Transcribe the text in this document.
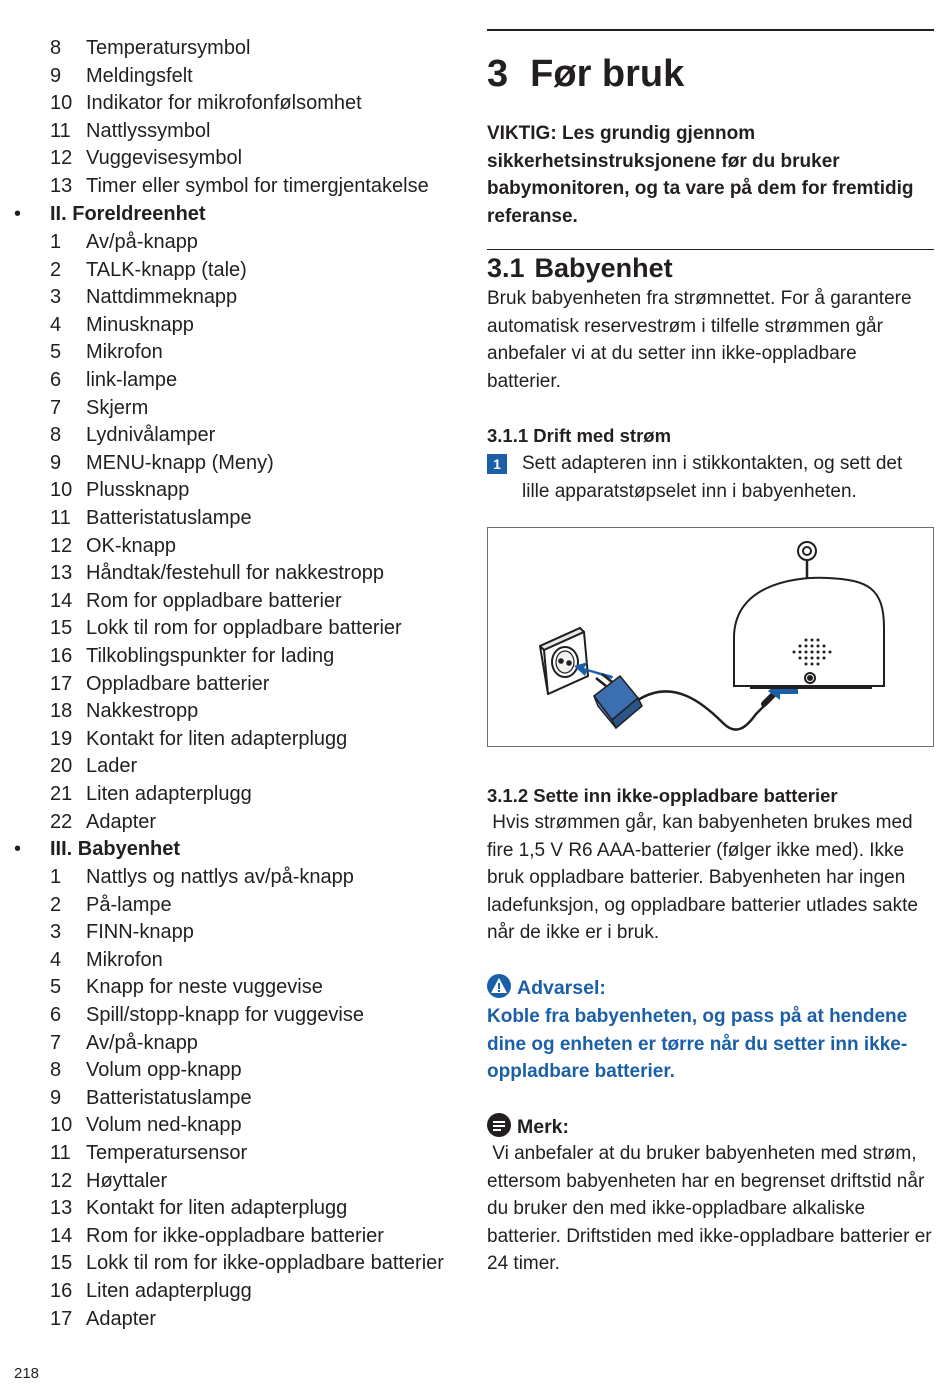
8	Temperatursymbol
9	Meldingsfelt
10 Indikator for mikrofonfølsomhet
11 Nattlyssymbol
12 Vuggevisesymbol
13 Timer eller symbol for timergjentakelse
• II. Foreldreenhet
1	Av/på-knapp
2	TALK-knapp (tale)
3	Nattdimmeknapp
4	Minusknapp
5	Mikrofon
6	link-lampe
7	Skjerm
8	Lydnivålamper
9	MENU-knapp (Meny)
10 Plussknapp
11 Batteristatuslampe
12 OK-knapp
13 Håndtak/festehull for nakkestropp
14 Rom for oppladbare batterier
15 Lokk til rom for oppladbare batterier
16 Tilkoblingspunkter for lading
17 Oppladbare batterier
18 Nakkestropp
19 Kontakt for liten adapterplugg
20 Lader
21 Liten adapterplugg
22 Adapter
• III. Babyenhet
1	Nattlys og nattlys av/på-knapp
2	På-lampe
3	FINN-knapp
4	Mikrofon
5	Knapp for neste vuggevise
6	Spill/stopp-knapp for vuggevise
7	Av/på-knapp
8	Volum opp-knapp
9	Batteristatuslampe
10 Volum ned-knapp
11 Temperatursensor
12 Høyttaler
13 Kontakt for liten adapterplugg
14 Rom for ikke-oppladbare batterier
15 Lokk til rom for ikke-oppladbare batterier
16 Liten adapterplugg
17 Adapter
218
3 Før bruk
VIKTIG: Les grundig gjennom sikkerhetsinstruksjonene før du bruker babymonitoren, og ta vare på dem for fremtidig referanse.
3.1 Babyenhet
Bruk babyenheten fra strømnettet. For å garantere automatisk reservestrøm i tilfelle strømmen går anbefaler vi at du setter inn ikke-oppladbare batterier.
3.1.1 Drift med strøm
1	Sett adapteren inn i stikkontakten, og sett det lille apparatstøpselet inn i babyenheten.
3.1.2 Sette inn ikke-oppladbare batterier
Hvis strømmen går, kan babyenheten brukes med fire 1,5 V R6 AAA-batterier (følger ikke med). Ikke bruk oppladbare batterier. Babyenheten har ingen ladefunksjon, og oppladbare batterier utlades sakte når de ikke er i bruk.
Advarsel:
Koble fra babyenheten, og pass på at hendene dine og enheten er tørre når du setter inn ikke-oppladbare batterier.
Merk:
Vi anbefaler at du bruker babyenheten med strøm, ettersom babyenheten har en begrenset driftstid når du bruker den med ikke-oppladbare alkaliske batterier. Driftstiden med ikke-oppladbare batterier er 24 timer.
